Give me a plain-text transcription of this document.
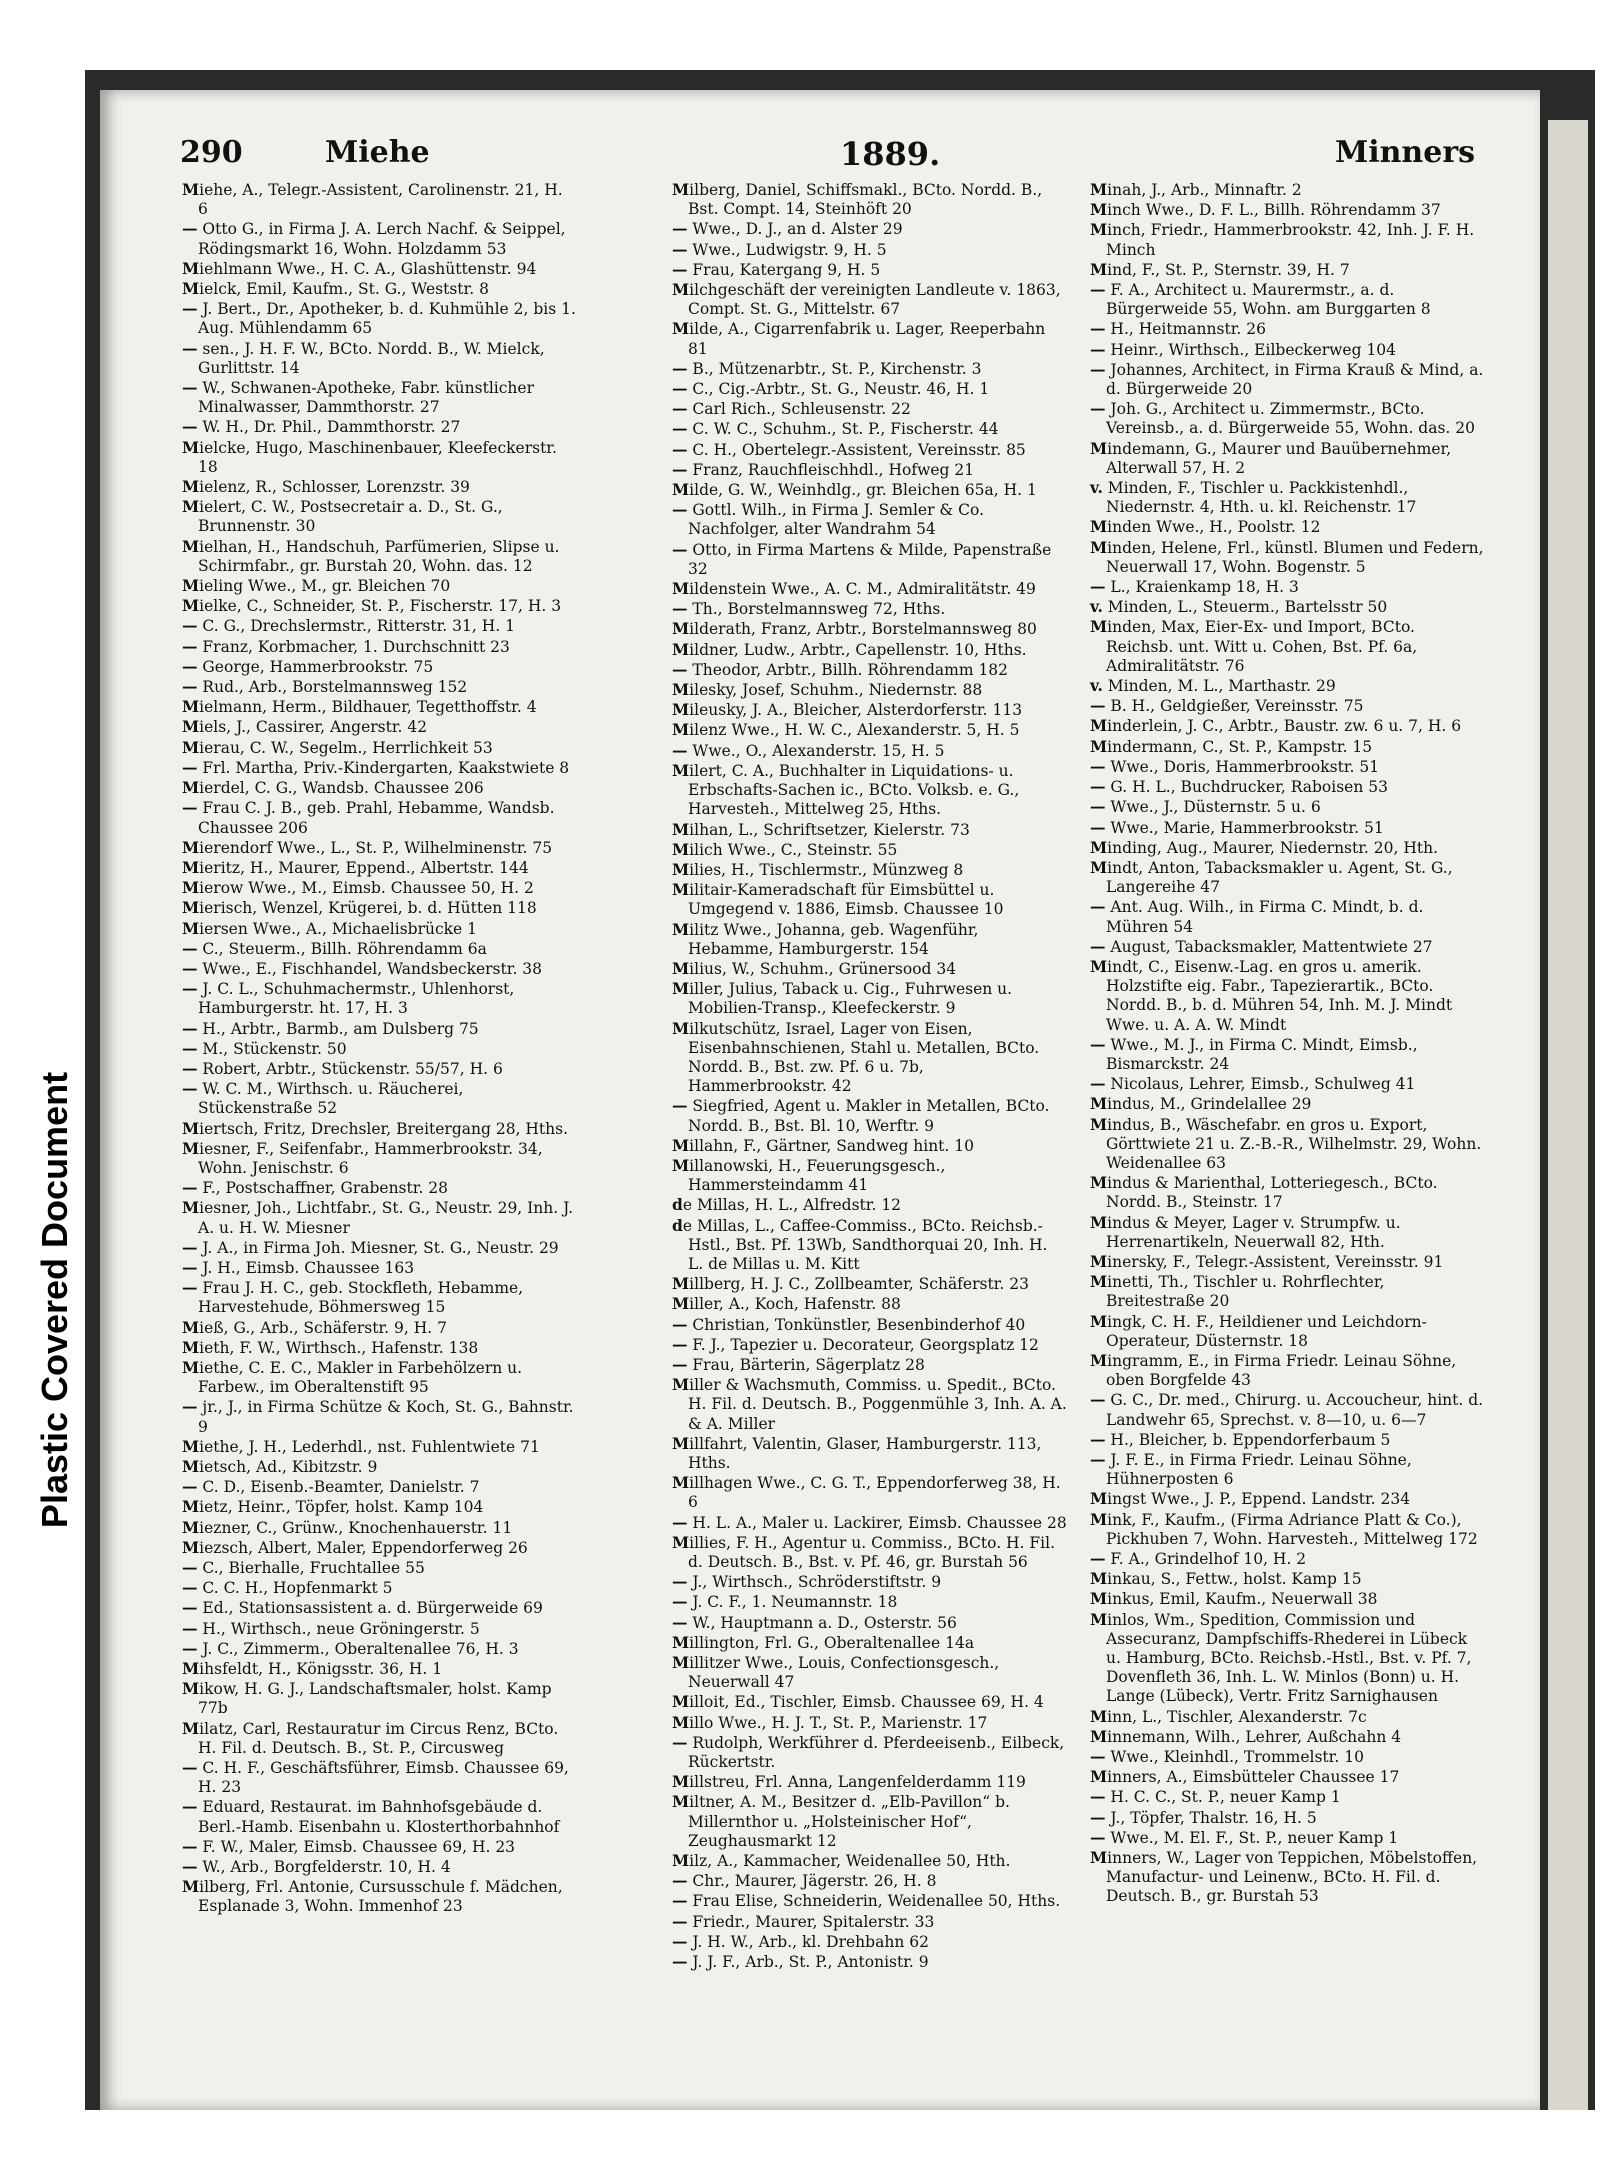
Plastic Covered Document
290	Miehe	1889.	Minners

Miehe, A., Telegr.-Assistent, Carolinenstr. 21, H. 6

— Otto G., in Firma J. A. Lerch Nachf. & Seippel, Rödingsmarkt 16, Wohn. Holzdamm 53

Miehlmann Wwe., H. C. A., Glashüttenstr. 94

Mielck, Emil, Kaufm., St. G., Weststr. 8

— J. Bert., Dr., Apotheker, b. d. Kuhmühle 2, bis 1. Aug. Mühlendamm 65

— sen., J. H. F. W., BCto. Nordd. B., W. Mielck, Gurlittstr. 14

— W., Schwanen-Apotheke, Fabr. künstlicher Minalwasser, Dammthorstr. 27

— W. H., Dr. Phil., Dammthorstr. 27

Mielcke, Hugo, Maschinenbauer, Kleefeckerstr. 18

Mielenz, R., Schlosser, Lorenzstr. 39

Mielert, C. W., Postsecretair a. D., St. G., Brunnenstr. 30

Mielhan, H., Handschuh, Parfümerien, Slipse u. Schirmfabr., gr. Burstah 20, Wohn. das. 12

Mieling Wwe., M., gr. Bleichen 70

Mielke, C., Schneider, St. P., Fischerstr. 17, H. 3

— C. G., Drechslermstr., Ritterstr. 31, H. 1

— Franz, Korbmacher, 1. Durchschnitt 23

— George, Hammerbrookstr. 75

— Rud., Arb., Borstelmannsweg 152

Mielmann, Herm., Bildhauer, Tegetthoffstr. 4

Miels, J., Cassirer, Angerstr. 42

Mierau, C. W., Segelm., Herrlichkeit 53

— Frl. Martha, Priv.-Kindergarten, Kaakstwiete 8

Mierdel, C. G., Wandsb. Chaussee 206

— Frau C. J. B., geb. Prahl, Hebamme, Wandsb. Chaussee 206

Mierendorf Wwe., L., St. P., Wilhelminenstr. 75

Mieritz, H., Maurer, Eppend., Albertstr. 144

Mierow Wwe., M., Eimsb. Chaussee 50, H. 2

Mierisch, Wenzel, Krügerei, b. d. Hütten 118

Miersen Wwe., A., Michaelisbrücke 1

— C., Steuerm., Billh. Röhrendamm 6a

— Wwe., E., Fischhandel, Wandsbeckerstr. 38

— J. C. L., Schuhmachermstr., Uhlenhorst, Hamburgerstr. ht. 17, H. 3

— H., Arbtr., Barmb., am Dulsberg 75

— M., Stückenstr. 50

— Robert, Arbtr., Stückenstr. 55/57, H. 6

— W. C. M., Wirthsch. u. Räucherei, Stückenstraße 52

Miertsch, Fritz, Drechsler, Breitergang 28, Hths.

Miesner, F., Seifenfabr., Hammerbrookstr. 34, Wohn. Jenischstr. 6

— F., Postschaffner, Grabenstr. 28

Miesner, Joh., Lichtfabr., St. G., Neustr. 29, Inh. J. A. u. H. W. Miesner

— J. A., in Firma Joh. Miesner, St. G., Neustr. 29

— J. H., Eimsb. Chaussee 163

— Frau J. H. C., geb. Stockfleth, Hebamme, Harvestehude, Böhmersweg 15

Mieß, G., Arb., Schäferstr. 9, H. 7

Mieth, F. W., Wirthsch., Hafenstr. 138

Miethe, C. E. C., Makler in Farbehölzern u. Farbew., im Oberaltenstift 95

— jr., J., in Firma Schütze & Koch, St. G., Bahnstr. 9

Miethe, J. H., Lederhdl., nst. Fuhlentwiete 71

Mietsch, Ad., Kibitzstr. 9

— C. D., Eisenb.-Beamter, Danielstr. 7

Mietz, Heinr., Töpfer, holst. Kamp 104

Miezner, C., Grünw., Knochenhauerstr. 11

Miezsch, Albert, Maler, Eppendorferweg 26

— C., Bierhalle, Fruchtallee 55

— C. C. H., Hopfenmarkt 5

— Ed., Stationsassistent a. d. Bürgerweide 69

— H., Wirthsch., neue Gröningerstr. 5

— J. C., Zimmerm., Oberaltenallee 76, H. 3

Mihsfeldt, H., Königsstr. 36, H. 1

Mikow, H. G. J., Landschaftsmaler, holst. Kamp 77b

Milatz, Carl, Restauratur im Circus Renz, BCto. H. Fil. d. Deutsch. B., St. P., Circusweg

— C. H. F., Geschäftsführer, Eimsb. Chaussee 69, H. 23

— Eduard, Restaurat. im Bahnhofsgebäude d. Berl.-Hamb. Eisenbahn u. Klosterthorbahnhof

— F. W., Maler, Eimsb. Chaussee 69, H. 23

— W., Arb., Borgfelderstr. 10, H. 4

Milberg, Frl. Antonie, Cursusschule f. Mädchen, Esplanade 3, Wohn. Immenhof 23

Milberg, Daniel, Schiffsmakl., BCto. Nordd. B., Bst. Compt. 14, Steinhöft 20

— Wwe., D. J., an d. Alster 29

— Wwe., Ludwigstr. 9, H. 5

— Frau, Katergang 9, H. 5

Milchgeschäft der vereinigten Landleute v. 1863, Compt. St. G., Mittelstr. 67

Milde, A., Cigarrenfabrik u. Lager, Reeperbahn 81

— B., Mützenarbtr., St. P., Kirchenstr. 3

— C., Cig.-Arbtr., St. G., Neustr. 46, H. 1

— Carl Rich., Schleusenstr. 22

— C. W. C., Schuhm., St. P., Fischerstr. 44

— C. H., Obertelegr.-Assistent, Vereinsstr. 85

— Franz, Rauchfleischhdl., Hofweg 21

Milde, G. W., Weinhdlg., gr. Bleichen 65a, H. 1

— Gottl. Wilh., in Firma J. Semler & Co. Nachfolger, alter Wandrahm 54

— Otto, in Firma Martens & Milde, Papenstraße 32

Mildenstein Wwe., A. C. M., Admiralitätstr. 49

— Th., Borstelmannsweg 72, Hths.

Milderath, Franz, Arbtr., Borstelmannsweg 80

Mildner, Ludw., Arbtr., Capellenstr. 10, Hths.

— Theodor, Arbtr., Billh. Röhrendamm 182

Milesky, Josef, Schuhm., Niedernstr. 88

Mileusky, J. A., Bleicher, Alsterdorferstr. 113

Milenz Wwe., H. W. C., Alexanderstr. 5, H. 5

— Wwe., O., Alexanderstr. 15, H. 5

Milert, C. A., Buchhalter in Liquidations- u. Erbschafts-Sachen ic., BCto. Volksb. e. G., Harvesteh., Mittelweg 25, Hths.

Milhan, L., Schriftsetzer, Kielerstr. 73

Milich Wwe., C., Steinstr. 55

Milies, H., Tischlermstr., Münzweg 8

Militair-Kameradschaft für Eimsbüttel u. Umgegend v. 1886, Eimsb. Chaussee 10

Militz Wwe., Johanna, geb. Wagenführ, Hebamme, Hamburgerstr. 154

Milius, W., Schuhm., Grünersood 34

Miller, Julius, Taback u. Cig., Fuhrwesen u. Mobilien-Transp., Kleefeckerstr. 9

Milkutschütz, Israel, Lager von Eisen, Eisenbahnschienen, Stahl u. Metallen, BCto. Nordd. B., Bst. zw. Pf. 6 u. 7b, Hammerbrookstr. 42

— Siegfried, Agent u. Makler in Metallen, BCto. Nordd. B., Bst. Bl. 10, Werftr. 9

Millahn, F., Gärtner, Sandweg hint. 10

Millanowski, H., Feuerungsgesch., Hammersteindamm 41

de Millas, H. L., Alfredstr. 12

de Millas, L., Caffee-Commiss., BCto. Reichsb.-Hstl., Bst. Pf. 13Wb, Sandthorquai 20, Inh. H. L. de Millas u. M. Kitt

Millberg, H. J. C., Zollbeamter, Schäferstr. 23

Miller, A., Koch, Hafenstr. 88

— Christian, Tonkünstler, Besenbinderhof 40

— F. J., Tapezier u. Decorateur, Georgsplatz 12

— Frau, Bärterin, Sägerplatz 28

Miller & Wachsmuth, Commiss. u. Spedit., BCto. H. Fil. d. Deutsch. B., Poggenmühle 3, Inh. A. A. & A. Miller

Millfahrt, Valentin, Glaser, Hamburgerstr. 113, Hths.

Millhagen Wwe., C. G. T., Eppendorferweg 38, H. 6

— H. L. A., Maler u. Lackirer, Eimsb. Chaussee 28

Millies, F. H., Agentur u. Commiss., BCto. H. Fil. d. Deutsch. B., Bst. v. Pf. 46, gr. Burstah 56

— J., Wirthsch., Schröderstiftstr. 9

— J. C. F., 1. Neumannstr. 18

— W., Hauptmann a. D., Osterstr. 56

Millington, Frl. G., Oberaltenallee 14a

Millitzer Wwe., Louis, Confectionsgesch., Neuerwall 47

Milloit, Ed., Tischler, Eimsb. Chaussee 69, H. 4

Millo Wwe., H. J. T., St. P., Marienstr. 17

— Rudolph, Werkführer d. Pferdeeisenb., Eilbeck, Rückertstr.

Millstreu, Frl. Anna, Langenfelderdamm 119

Miltner, A. M., Besitzer d. „Elb-Pavillon“ b. Millernthor u. „Holsteinischer Hof“, Zeughausmarkt 12

Milz, A., Kammacher, Weidenallee 50, Hth.

— Chr., Maurer, Jägerstr. 26, H. 8

— Frau Elise, Schneiderin, Weidenallee 50, Hths.

— Friedr., Maurer, Spitalerstr. 33

— J. H. W., Arb., kl. Drehbahn 62

— J. J. F., Arb., St. P., Antonistr. 9

Minah, J., Arb., Minnaftr. 2

Minch Wwe., D. F. L., Billh. Röhrendamm 37

Minch, Friedr., Hammerbrookstr. 42, Inh. J. F. H. Minch

Mind, F., St. P., Sternstr. 39, H. 7

— F. A., Architect u. Maurermstr., a. d. Bürgerweide 55, Wohn. am Burggarten 8

— H., Heitmannstr. 26

— Heinr., Wirthsch., Eilbeckerweg 104

— Johannes, Architect, in Firma Krauß & Mind, a. d. Bürgerweide 20

— Joh. G., Architect u. Zimmermstr., BCto. Vereinsb., a. d. Bürgerweide 55, Wohn. das. 20

Mindemann, G., Maurer und Bauübernehmer, Alterwall 57, H. 2

v. Minden, F., Tischler u. Packkistenhdl., Niedernstr. 4, Hth. u. kl. Reichenstr. 17

Minden Wwe., H., Poolstr. 12

Minden, Helene, Frl., künstl. Blumen und Federn, Neuerwall 17, Wohn. Bogenstr. 5

— L., Kraienkamp 18, H. 3

v. Minden, L., Steuerm., Bartelsstr 50

Minden, Max, Eier-Ex- und Import, BCto. Reichsb. unt. Witt u. Cohen, Bst. Pf. 6a, Admiralitätstr. 76

v. Minden, M. L., Marthastr. 29

— B. H., Geldgießer, Vereinsstr. 75

Minderlein, J. C., Arbtr., Baustr. zw. 6 u. 7, H. 6

Mindermann, C., St. P., Kampstr. 15

— Wwe., Doris, Hammerbrookstr. 51

— G. H. L., Buchdrucker, Raboisen 53

— Wwe., J., Düsternstr. 5 u. 6

— Wwe., Marie, Hammerbrookstr. 51

Minding, Aug., Maurer, Niedernstr. 20, Hth.

Mindt, Anton, Tabacksmakler u. Agent, St. G., Langereihe 47

— Ant. Aug. Wilh., in Firma C. Mindt, b. d. Mühren 54

— August, Tabacksmakler, Mattentwiete 27

Mindt, C., Eisenw.-Lag. en gros u. amerik. Holzstifte eig. Fabr., Tapezierartik., BCto. Nordd. B., b. d. Mühren 54, Inh. M. J. Mindt Wwe. u. A. A. W. Mindt

— Wwe., M. J., in Firma C. Mindt, Eimsb., Bismarckstr. 24

— Nicolaus, Lehrer, Eimsb., Schulweg 41

Mindus, M., Grindelallee 29

Mindus, B., Wäschefabr. en gros u. Export, Görttwiete 21 u. Z.-B.-R., Wilhelmstr. 29, Wohn. Weidenallee 63

Mindus & Marienthal, Lotteriegesch., BCto. Nordd. B., Steinstr. 17

Mindus & Meyer, Lager v. Strumpfw. u. Herrenartikeln, Neuerwall 82, Hth.

Minersky, F., Telegr.-Assistent, Vereinsstr. 91

Minetti, Th., Tischler u. Rohrflechter, Breitestraße 20

Mingk, C. H. F., Heildiener und Leichdorn-Operateur, Düsternstr. 18

Mingramm, E., in Firma Friedr. Leinau Söhne, oben Borgfelde 43

— G. C., Dr. med., Chirurg. u. Accoucheur, hint. d. Landwehr 65, Sprechst. v. 8—10, u. 6—7

— H., Bleicher, b. Eppendorferbaum 5

— J. F. E., in Firma Friedr. Leinau Söhne, Hühnerposten 6

Mingst Wwe., J. P., Eppend. Landstr. 234

Mink, F., Kaufm., (Firma Adriance Platt & Co.), Pickhuben 7, Wohn. Harvesteh., Mittelweg 172

— F. A., Grindelhof 10, H. 2

Minkau, S., Fettw., holst. Kamp 15

Minkus, Emil, Kaufm., Neuerwall 38

Minlos, Wm., Spedition, Commission und Assecuranz, Dampfschiffs-Rhederei in Lübeck u. Hamburg, BCto. Reichsb.-Hstl., Bst. v. Pf. 7, Dovenfleth 36, Inh. L. W. Minlos (Bonn) u. H. Lange (Lübeck), Vertr. Fritz Sarnighausen

Minn, L., Tischler, Alexanderstr. 7c

Minnemann, Wilh., Lehrer, Außchahn 4

— Wwe., Kleinhdl., Trommelstr. 10

Minners, A., Eimsbütteler Chaussee 17

— H. C. C., St. P., neuer Kamp 1

— J., Töpfer, Thalstr. 16, H. 5

— Wwe., M. El. F., St. P., neuer Kamp 1

Minners, W., Lager von Teppichen, Möbelstoffen, Manufactur- und Leinenw., BCto. H. Fil. d. Deutsch. B., gr. Burstah 53
